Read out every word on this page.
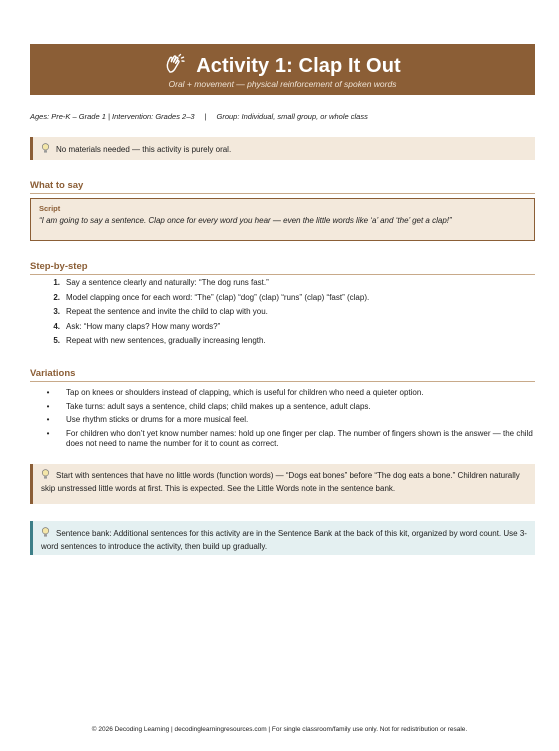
Activity 1: Clap It Out
Oral + movement — physical reinforcement of spoken words
Ages: Pre-K – Grade 1 | Intervention: Grades 2–3 | Group: Individual, small group, or whole class
No materials needed — this activity is purely oral.
What to say
Script
“I am going to say a sentence. Clap once for every word you hear — even the little words like ‘a’ and ‘the’ get a clap!”
Step-by-step
1. Say a sentence clearly and naturally: “The dog runs fast.”
2. Model clapping once for each word: “The” (clap) “dog” (clap) “runs” (clap) “fast” (clap).
3. Repeat the sentence and invite the child to clap with you.
4. Ask: “How many claps? How many words?”
5. Repeat with new sentences, gradually increasing length.
Variations
•	Tap on knees or shoulders instead of clapping, which is useful for children who need a quieter option.
•	Take turns: adult says a sentence, child claps; child makes up a sentence, adult claps.
•	Use rhythm sticks or drums for a more musical feel.
•	For children who don’t yet know number names: hold up one finger per clap. The number of fingers shown is the answer — the child does not need to name the number for it to count as correct.
Start with sentences that have no little words (function words) — “Dogs eat bones” before “The dog eats a bone.” Children naturally skip unstressed little words at first. This is expected. See the Little Words note in the sentence bank.
Sentence bank: Additional sentences for this activity are in the Sentence Bank at the back of this kit, organized by word count. Use 3-word sentences to introduce the activity, then build up gradually.
© 2026 Decoding Learning | decodinglearningresources.com | For single classroom/family use only. Not for redistribution or resale.
